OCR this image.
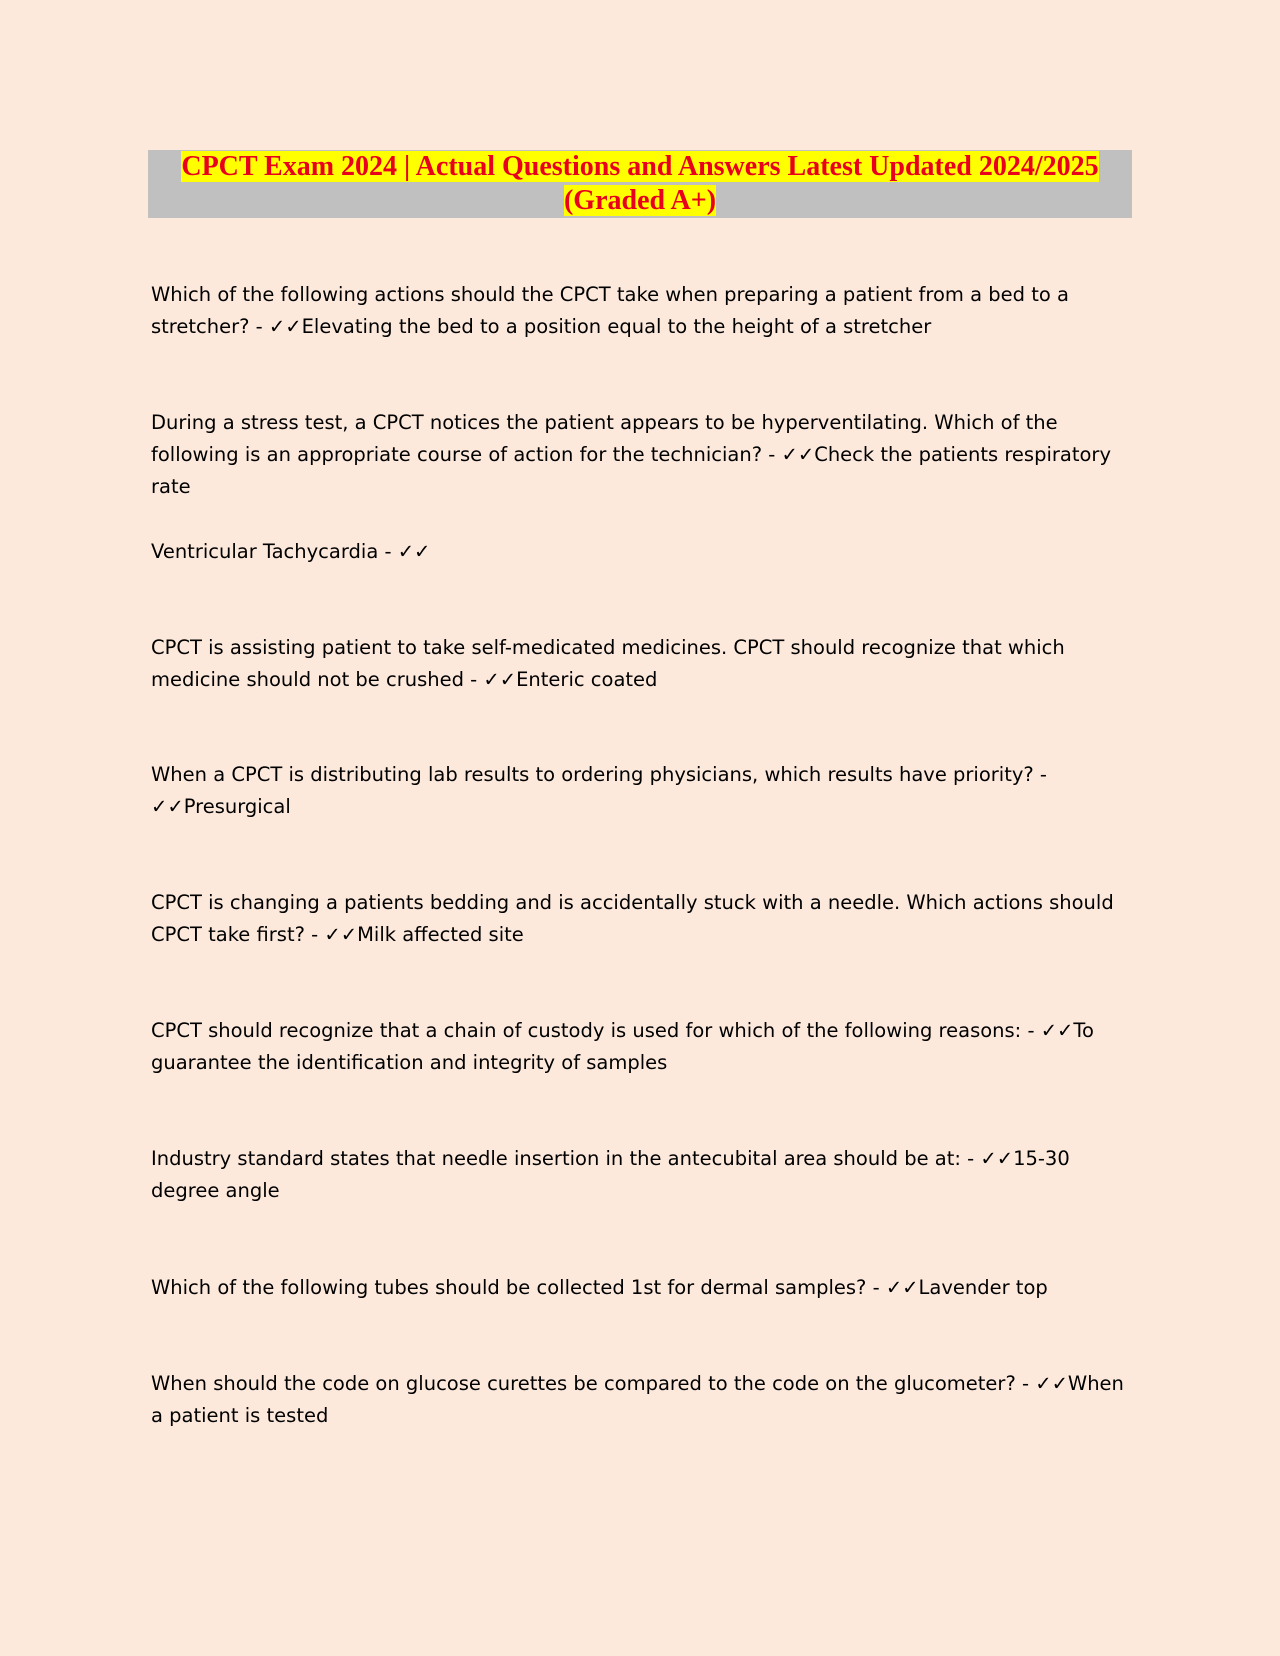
CPCT Exam 2024 | Actual Questions and Answers Latest Updated 2024/2025
(Graded A+)

Which of the following actions should the CPCT take when preparing a patient from a bed to a stretcher? - ✓✓Elevating the bed to a position equal to the height of a stretcher

During a stress test, a CPCT notices the patient appears to be hyperventilating. Which of the following is an appropriate course of action for the technician? - ✓✓Check the patients respiratory rate

Ventricular Tachycardia - ✓✓

CPCT is assisting patient to take self-medicated medicines. CPCT should recognize that which medicine should not be crushed - ✓✓Enteric coated

When a CPCT is distributing lab results to ordering physicians, which results have priority? - ✓✓Presurgical

CPCT is changing a patients bedding and is accidentally stuck with a needle. Which actions should CPCT take first? - ✓✓Milk affected site

CPCT should recognize that a chain of custody is used for which of the following reasons: - ✓✓To guarantee the identification and integrity of samples

Industry standard states that needle insertion in the antecubital area should be at: - ✓✓15-30 degree angle

Which of the following tubes should be collected 1st for dermal samples? - ✓✓Lavender top

When should the code on glucose curettes be compared to the code on the glucometer? - ✓✓When a patient is tested
